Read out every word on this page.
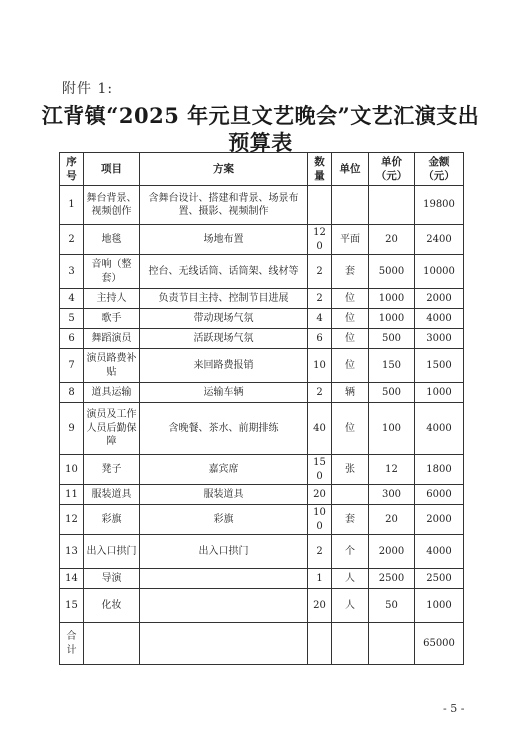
附件 1:
江背镇“2025 年元旦文艺晚会”文艺汇演支出
预算表
序号	项目	方案	数量	单位	单价（元）	金额（元）
1	舞台背景、视频创作	含舞台设计、搭建和背景、场景布置、摄影、视频制作				19800
2	地毯	场地布置	120	平面	20	2400
3	音响（整套）	控台、无线话筒、话筒架、线材等	2	套	5000	10000
4	主持人	负责节目主持、控制节目进展	2	位	1000	2000
5	歌手	带动现场气氛	4	位	1000	4000
6	舞蹈演员	活跃现场气氛	6	位	500	3000
7	演员路费补贴	来回路费报销	10	位	150	1500
8	道具运输	运输车辆	2	辆	500	1000
9	演员及工作人员后勤保障	含晚餐、茶水、前期排练	40	位	100	4000
10	凳子	嘉宾席	150	张	12	1800
11	服装道具	服装道具	20		300	6000
12	彩旗	彩旗	100	套	20	2000
13	出入口拱门	出入口拱门	2	个	2000	4000
14	导演		1	人	2500	2500
15	化妆		20	人	50	1000
合计						65000
- 5 -
